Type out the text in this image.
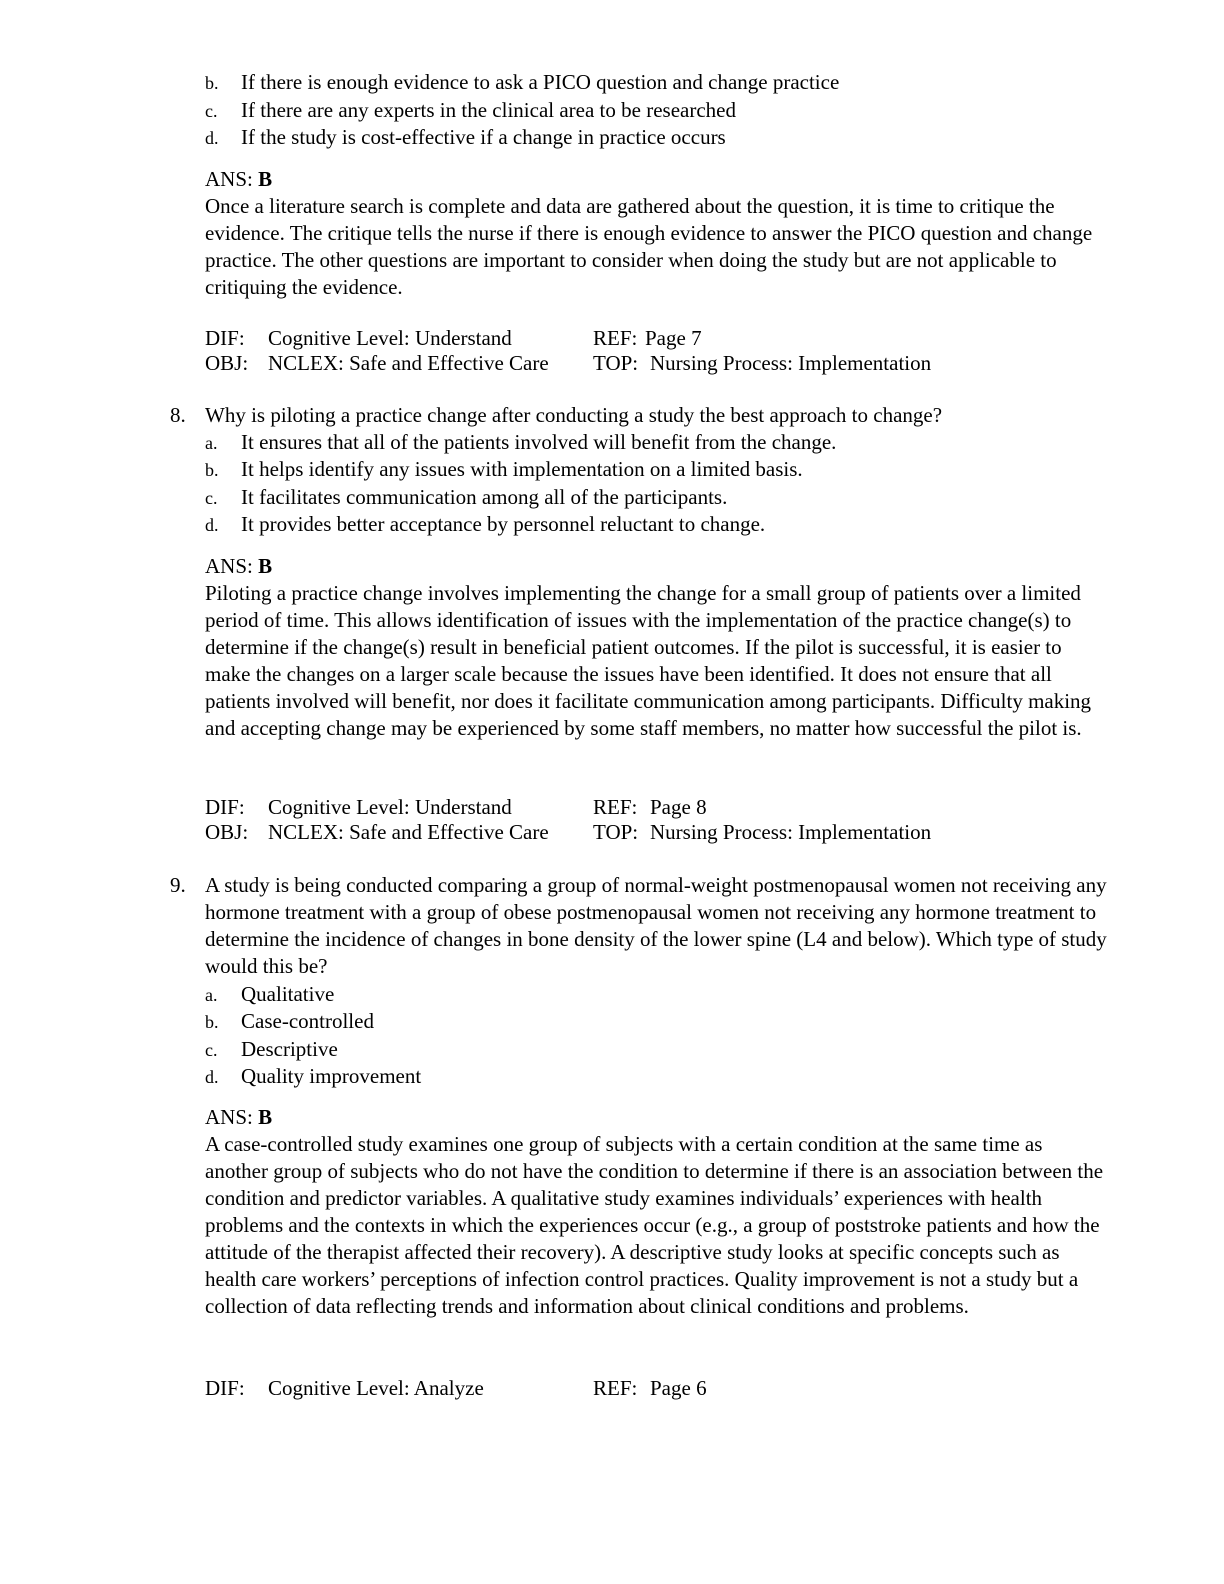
b. If there is enough evidence to ask a PICO question and change practice
c. If there are any experts in the clinical area to be researched
d. If the study is cost-effective if a change in practice occurs
ANS: B
Once a literature search is complete and data are gathered about the question, it is time to critique the evidence. The critique tells the nurse if there is enough evidence to answer the PICO question and change practice. The other questions are important to consider when doing the study but are not applicable to critiquing the evidence.
DIF: Cognitive Level: Understand	REF: Page 7
OBJ: NCLEX: Safe and Effective Care TOP: Nursing Process: Implementation
8. Why is piloting a practice change after conducting a study the best approach to change?
a. It ensures that all of the patients involved will benefit from the change.
b. It helps identify any issues with implementation on a limited basis.
c. It facilitates communication among all of the participants.
d. It provides better acceptance by personnel reluctant to change.
ANS: B
Piloting a practice change involves implementing the change for a small group of patients over a limited period of time. This allows identification of issues with the implementation of the practice change(s) to determine if the change(s) result in beneficial patient outcomes. If the pilot is successful, it is easier to make the changes on a larger scale because the issues have been identified. It does not ensure that all patients involved will benefit, nor does it facilitate communication among participants. Difficulty making and accepting change may be experienced by some staff members, no matter how successful the pilot is.
DIF: Cognitive Level: Understand	REF: Page 8
OBJ: NCLEX: Safe and Effective Care TOP: Nursing Process: Implementation
9. A study is being conducted comparing a group of normal-weight postmenopausal women not receiving any hormone treatment with a group of obese postmenopausal women not receiving any hormone treatment to determine the incidence of changes in bone density of the lower spine (L4 and below). Which type of study would this be?
a. Qualitative
b. Case-controlled
c. Descriptive
d. Quality improvement
ANS: B
A case-controlled study examines one group of subjects with a certain condition at the same time as another group of subjects who do not have the condition to determine if there is an association between the condition and predictor variables. A qualitative study examines individuals’ experiences with health problems and the contexts in which the experiences occur (e.g., a group of poststroke patients and how the attitude of the therapist affected their recovery). A descriptive study looks at specific concepts such as health care workers’ perceptions of infection control practices. Quality improvement is not a study but a collection of data reflecting trends and information about clinical conditions and problems.
DIF: Cognitive Level: Analyze	REF: Page 6
